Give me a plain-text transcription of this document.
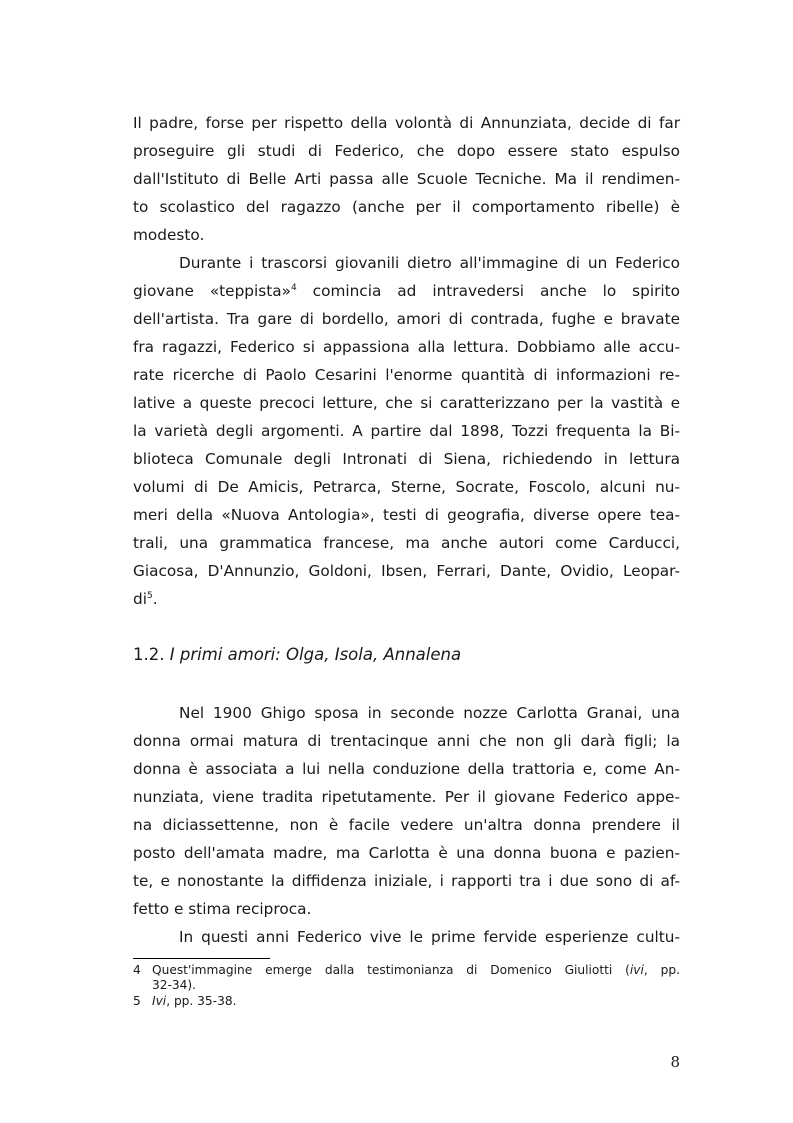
Il padre, forse per rispetto della volontà di Annunziata, decide di far
proseguire gli studi di Federico, che dopo essere stato espulso
dall'Istituto di Belle Arti passa alle Scuole Tecniche. Ma il rendimen-
to scolastico del ragazzo (anche per il comportamento ribelle) è
modesto.
Durante i trascorsi giovanili dietro all'immagine di un Federico
giovane «teppista»$^4$ comincia ad intravedersi anche lo spirito
dell'artista. Tra gare di bordello, amori di contrada, fughe e bravate
fra ragazzi, Federico si appassiona alla lettura. Dobbiamo alle accu-
rate ricerche di Paolo Cesarini l'enorme quantità di informazioni re-
lative a queste precoci letture, che si caratterizzano per la vastità e
la varietà degli argomenti. A partire dal 1898, Tozzi frequenta la Bi-
blioteca Comunale degli Intronati di Siena, richiedendo in lettura
volumi di De Amicis, Petrarca, Sterne, Socrate, Foscolo, alcuni nu-
meri della «Nuova Antologia», testi di geografia, diverse opere tea-
trali, una grammatica francese, ma anche autori come Carducci,
Giacosa, D'Annunzio, Goldoni, Ibsen, Ferrari, Dante, Ovidio, Leopar-
$di^5$.
1.2. I primi amori: Olga, Isola, Annalena
Nel 1900 Ghigo sposa in seconde nozze Carlotta Granai, una
donna ormai matura di trentacinque anni che non gli darà figli; la
donna è associata a lui nella conduzione della trattoria e, come An-
nunziata, viene tradita ripetutamente. Per il giovane Federico appe-
na diciassettenne, non è facile vedere un'altra donna prendere il
posto dell'amata madre, ma Carlotta è una donna buona e pazien-
te, e nonostante la diffidenza iniziale, i rapporti tra i due sono di af-
fetto e stima reciproca.
In questi anni Federico vive le prime fervide esperienze cultu-
4 Quest'immagine emerge dalla testimonianza di Domenico Giuliotti (ivi, pp.
32-34).
5 Ivi, pp. 35-38.
8
